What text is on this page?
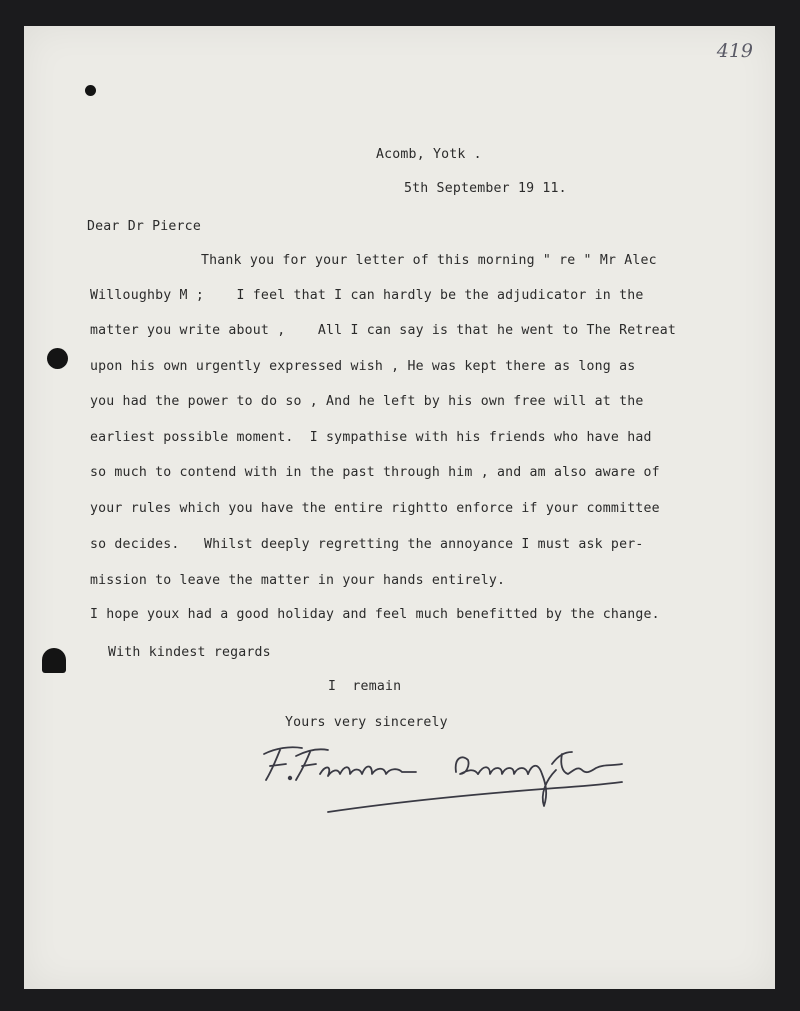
419

Acomb, Yotk .

5th September 19 11.

Dear Dr Pierce

Thank you for your letter of this morning " re " Mr Alec

Willoughby M ;    I feel that I can hardly be the adjudicator in the

matter you write about ,    All I can say is that he went to The Retreat

upon his own urgently expressed wish , He was kept there as long as

you had the power to do so , And he left by his own free will at the

earliest possible moment.  I sympathise with his friends who have had

so much to contend with in the past through him , and am also aware of

your rules which you have the entire rightto enforce if your committee

so decides.   Whilst deeply regretting the annoyance I must ask per-

mission to leave the matter in your hands entirely.

I hope youx had a good holiday and feel much benefitted by the change.

With kindest regards

I  remain

Yours very sincerely
